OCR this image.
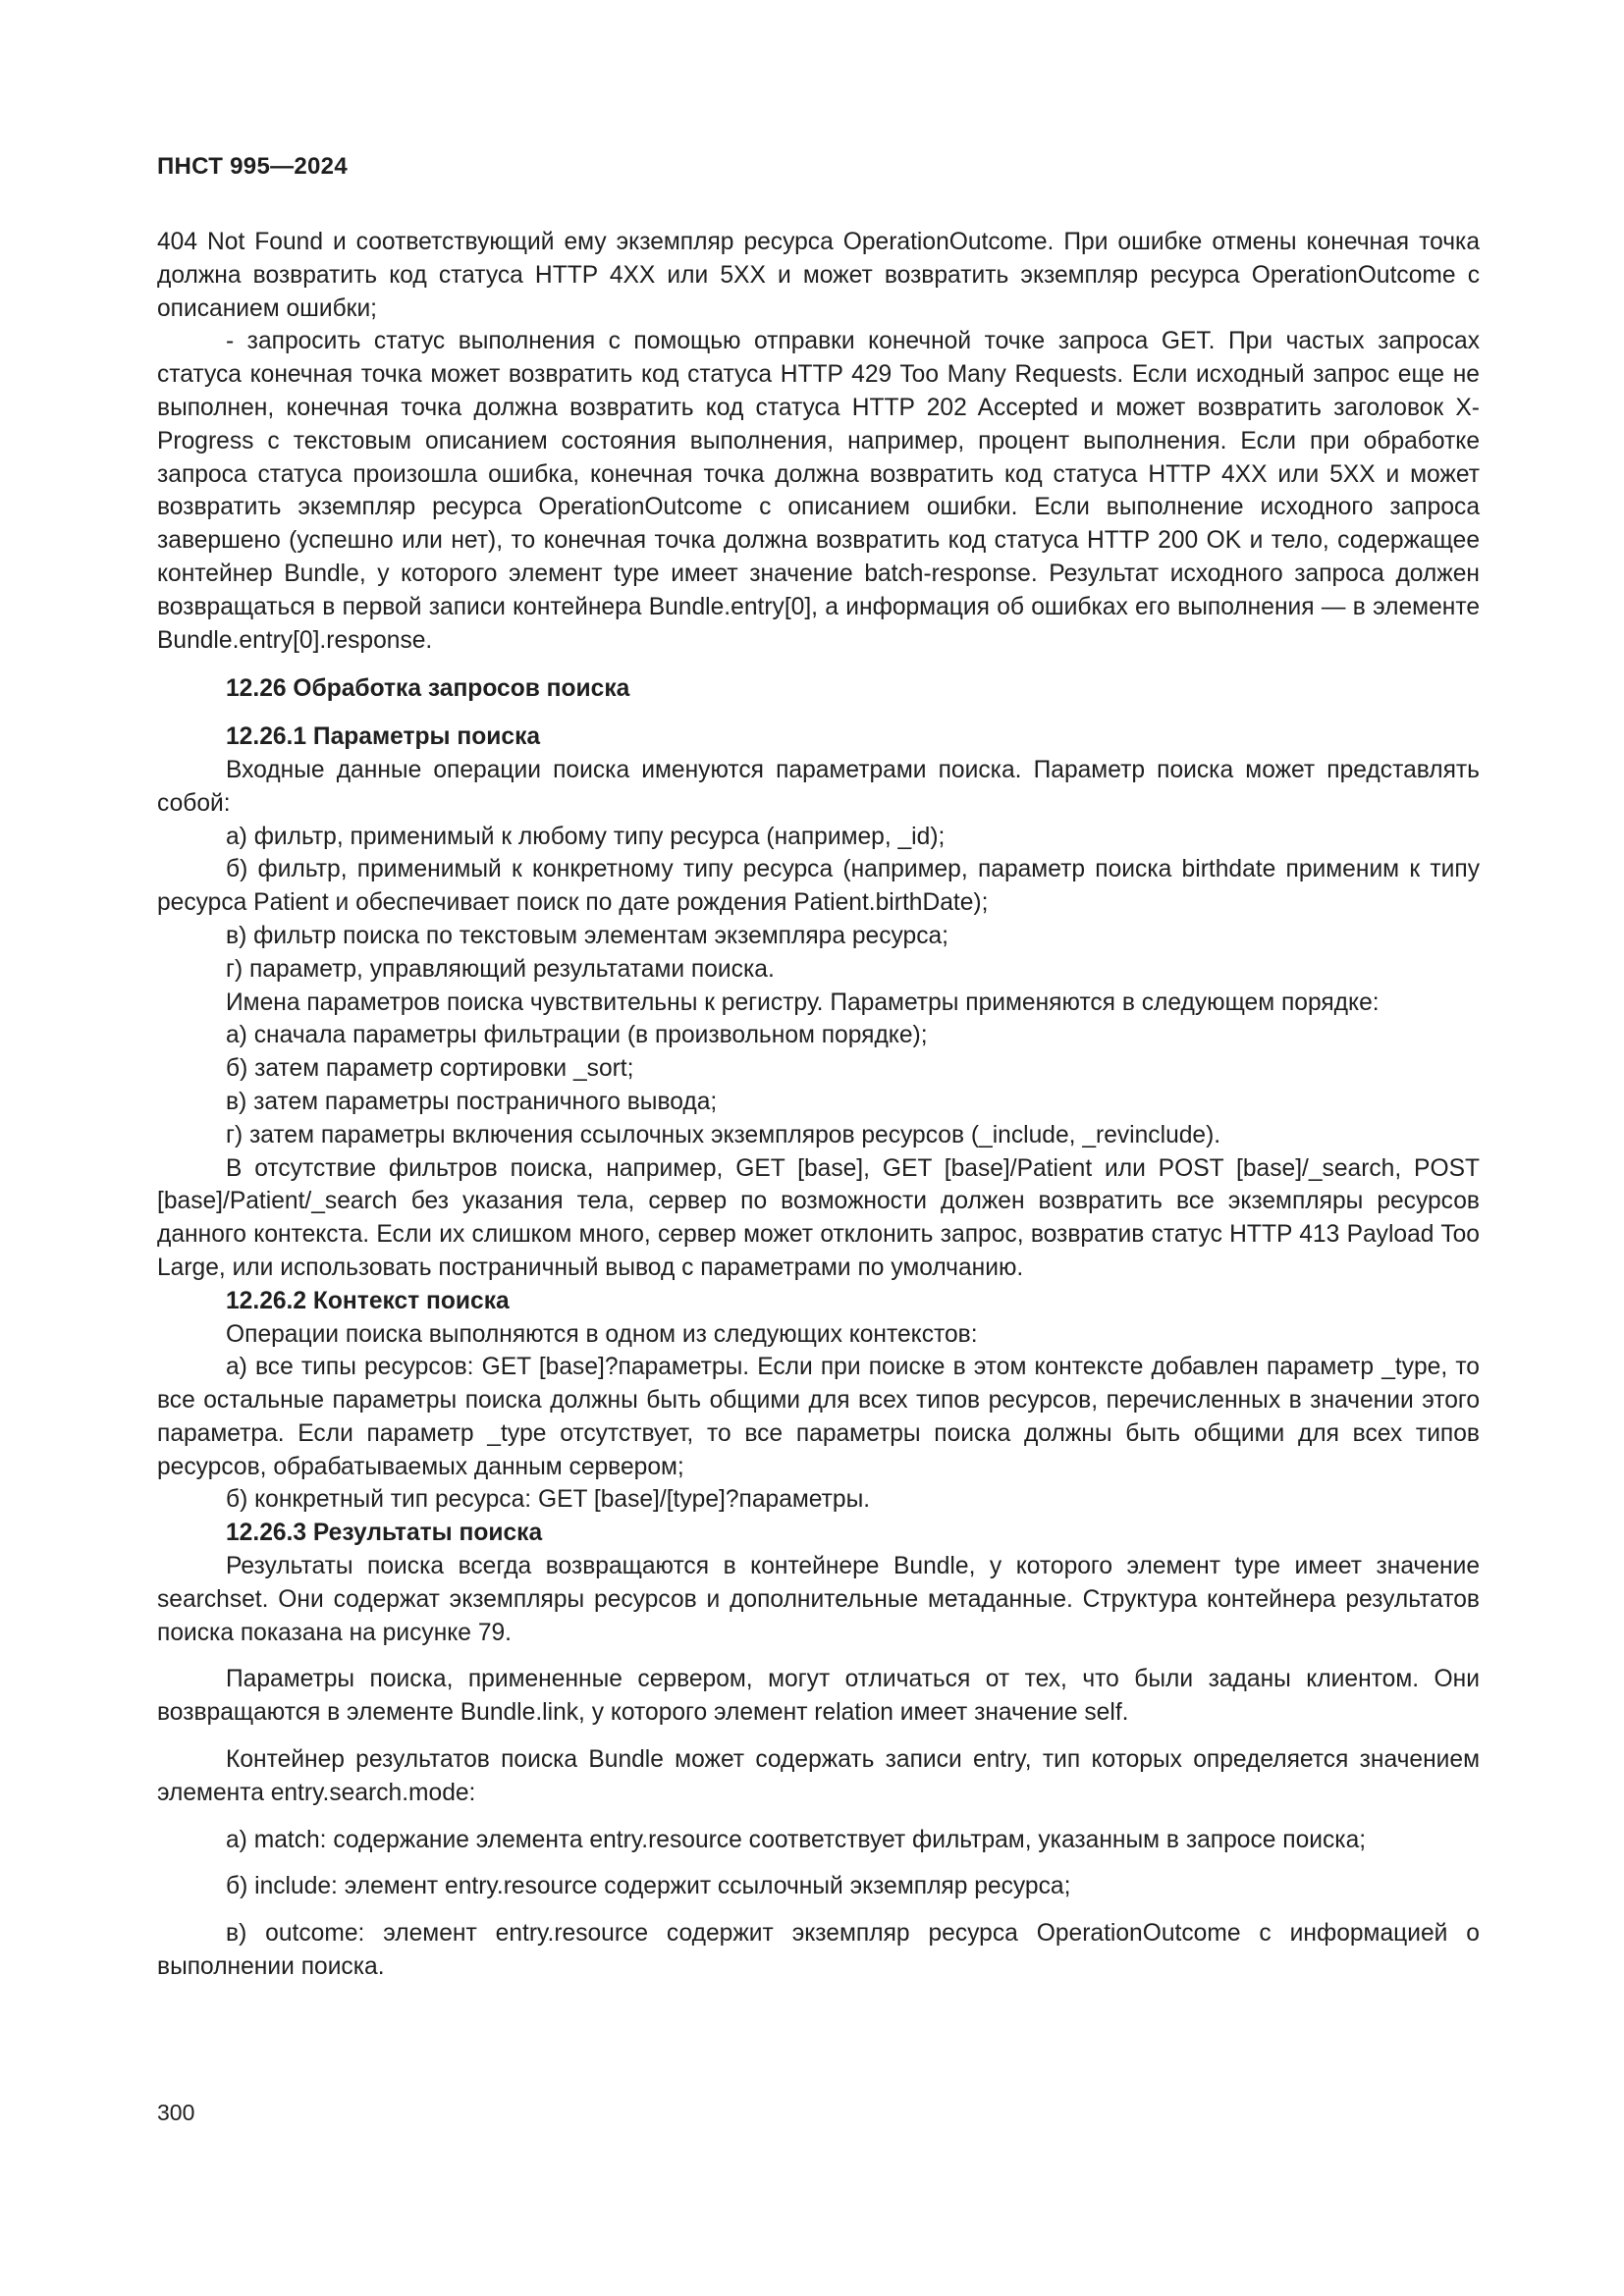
ПНСТ 995—2024

404 Not Found и соответствующий ему экземпляр ресурса OperationOutcome. При ошибке отмены конечная точка должна возвратить код статуса HTTP 4XX или 5XX и может возвратить экземпляр ресурса OperationOutcome с описанием ошибки;

- запросить статус выполнения с помощью отправки конечной точке запроса GET. При частых запросах статуса конечная точка может возвратить код статуса HTTP 429 Too Many Requests. Если исходный запрос еще не выполнен, конечная точка должна возвратить код статуса HTTP 202 Accepted и может возвратить заголовок X-Progress с текстовым описанием состояния выполнения, например, процент выполнения. Если при обработке запроса статуса произошла ошибка, конечная точка должна возвратить код статуса HTTP 4XX или 5XX и может возвратить экземпляр ресурса OperationOutcome с описанием ошибки. Если выполнение исходного запроса завершено (успешно или нет), то конечная точка должна возвратить код статуса HTTP 200 OK и тело, содержащее контейнер Bundle, у которого элемент type имеет значение batch-response. Результат исходного запроса должен возвращаться в первой записи контейнера Bundle.entry[0], а информация об ошибках его выполнения — в элементе Bundle.entry[0].response.

12.26 Обработка запросов поиска

12.26.1 Параметры поиска

Входные данные операции поиска именуются параметрами поиска. Параметр поиска может представлять собой:

а) фильтр, применимый к любому типу ресурса (например, _id);

б) фильтр, применимый к конкретному типу ресурса (например, параметр поиска birthdate применим к типу ресурса Patient и обеспечивает поиск по дате рождения Patient.birthDate);

в) фильтр поиска по текстовым элементам экземпляра ресурса;

г) параметр, управляющий результатами поиска.

Имена параметров поиска чувствительны к регистру. Параметры применяются в следующем порядке:

а) сначала параметры фильтрации (в произвольном порядке);

б) затем параметр сортировки _sort;

в) затем параметры постраничного вывода;

г) затем параметры включения ссылочных экземпляров ресурсов (_include, _revinclude).

В отсутствие фильтров поиска, например, GET [base], GET [base]/Patient или POST [base]/_search, POST [base]/Patient/_search без указания тела, сервер по возможности должен возвратить все экземпляры ресурсов данного контекста. Если их слишком много, сервер может отклонить запрос, возвратив статус HTTP 413 Payload Too Large, или использовать постраничный вывод с параметрами по умолчанию.

12.26.2 Контекст поиска

Операции поиска выполняются в одном из следующих контекстов:

а) все типы ресурсов: GET [base]?параметры. Если при поиске в этом контексте добавлен параметр _type, то все остальные параметры поиска должны быть общими для всех типов ресурсов, перечисленных в значении этого параметра. Если параметр _type отсутствует, то все параметры поиска должны быть общими для всех типов ресурсов, обрабатываемых данным сервером;

б) конкретный тип ресурса: GET [base]/[type]?параметры.

12.26.3 Результаты поиска

Результаты поиска всегда возвращаются в контейнере Bundle, у которого элемент type имеет значение searchset. Они содержат экземпляры ресурсов и дополнительные метаданные. Структура контейнера результатов поиска показана на рисунке 79.

Параметры поиска, примененные сервером, могут отличаться от тех, что были заданы клиентом. Они возвращаются в элементе Bundle.link, у которого элемент relation имеет значение self.

Контейнер результатов поиска Bundle может содержать записи entry, тип которых определяется значением элемента entry.search.mode:

а) match: содержание элемента entry.resource соответствует фильтрам, указанным в запросе поиска;

б) include: элемент entry.resource содержит ссылочный экземпляр ресурса;

в) outcome: элемент entry.resource содержит экземпляр ресурса OperationOutcome с информацией о выполнении поиска.

300
